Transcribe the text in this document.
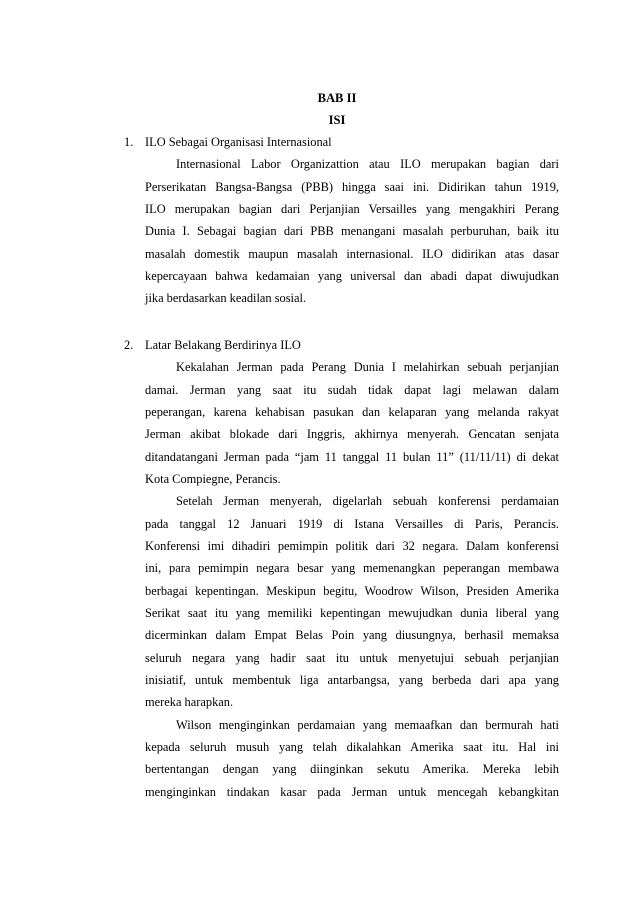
BAB II
ISI
1. ILO Sebagai Organisasi Internasional
Internasional Labor Organizattion atau ILO merupakan bagian dari
Perserikatan Bangsa-Bangsa (PBB) hingga saai ini. Didirikan tahun 1919,
ILO merupakan bagian dari Perjanjian Versailles yang mengakhiri Perang
Dunia I. Sebagai bagian dari PBB menangani masalah perburuhan, baik itu
masalah domestik maupun masalah internasional. ILO didirikan atas dasar
kepercayaan bahwa kedamaian yang universal dan abadi dapat diwujudkan
jika berdasarkan keadilan sosial.
2. Latar Belakang Berdirinya ILO
Kekalahan Jerman pada Perang Dunia I melahirkan sebuah perjanjian
damai. Jerman yang saat itu sudah tidak dapat lagi melawan dalam
peperangan, karena kehabisan pasukan dan kelaparan yang melanda rakyat
Jerman akibat blokade dari Inggris, akhirnya menyerah. Gencatan senjata
ditandatangani Jerman pada “jam 11 tanggal 11 bulan 11” (11/11/11) di dekat
Kota Compiegne, Perancis.
Setelah Jerman menyerah, digelarlah sebuah konferensi perdamaian
pada tanggal 12 Januari 1919 di Istana Versailles di Paris, Perancis.
Konferensi imi dihadiri pemimpin politik dari 32 negara. Dalam konferensi
ini, para pemimpin negara besar yang memenangkan peperangan membawa
berbagai kepentingan. Meskipun begitu, Woodrow Wilson, Presiden Amerika
Serikat saat itu yang memiliki kepentingan mewujudkan dunia liberal yang
dicerminkan dalam Empat Belas Poin yang diusungnya, berhasil memaksa
seluruh negara yang hadir saat itu untuk menyetujui sebuah perjanjian
inisiatif, untuk membentuk liga antarbangsa, yang berbeda dari apa yang
mereka harapkan.
Wilson menginginkan perdamaian yang memaafkan dan bermurah hati
kepada seluruh musuh yang telah dikalahkan Amerika saat itu. Hal ini
bertentangan dengan yang diinginkan sekutu Amerika. Mereka lebih
menginginkan tindakan kasar pada Jerman untuk mencegah kebangkitan
